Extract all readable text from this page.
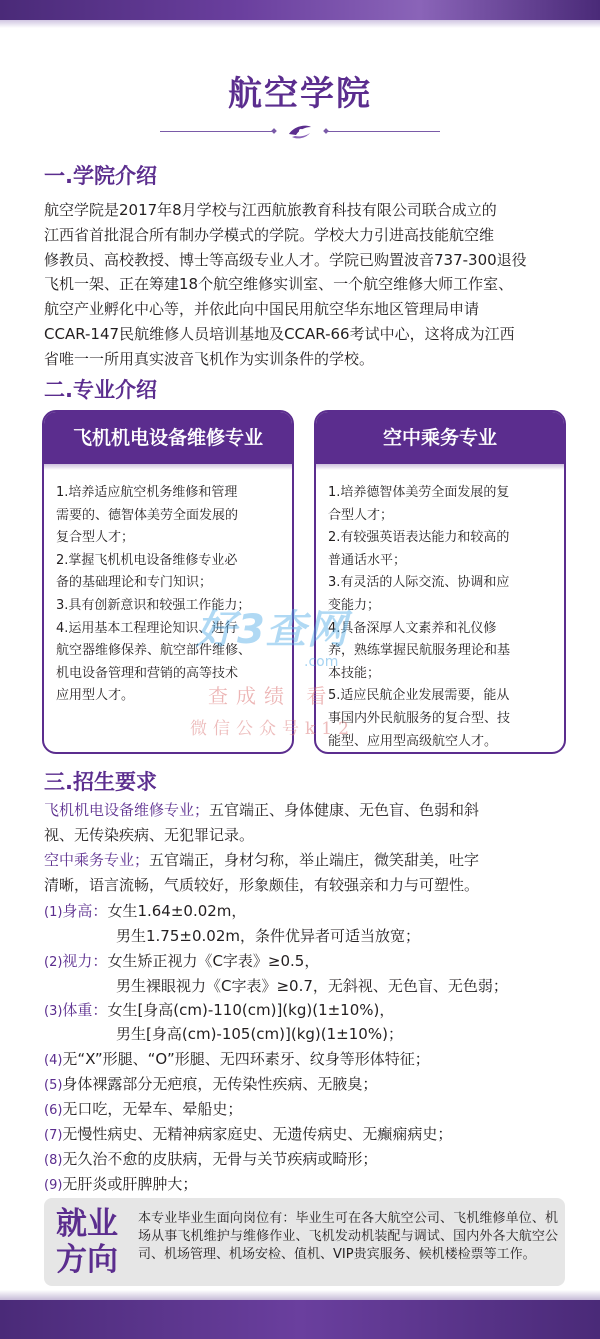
航空学院
一.学院介绍
航空学院是2017年8月学校与江西航旅教育科技有限公司联合成立的
江西省首批混合所有制办学模式的学院。学校大力引进高技能航空维
修教员、高校教授、博士等高级专业人才。学院已购置波音737-300退役
飞机一架、正在筹建18个航空维修实训室、一个航空维修大师工作室、
航空产业孵化中心等，并依此向中国民用航空华东地区管理局申请
CCAR-147民航维修人员培训基地及CCAR-66考试中心，这将成为江西
省唯一一所用真实波音飞机作为实训条件的学校。
二.专业介绍
飞机机电设备维修专业
1.培养适应航空机务维修和管理
需要的、德智体美劳全面发展的
复合型人才；
2.掌握飞机机电设备维修专业必
备的基础理论和专门知识；
3.具有创新意识和较强工作能力；
4.运用基本工程理论知识、进行
航空器维修保养、航空部件维修、
机电设备管理和营销的高等技术
应用型人才。
空中乘务专业
1.培养德智体美劳全面发展的复
合型人才；
2.有较强英语表达能力和较高的
普通话水平；
3.有灵活的人际交流、协调和应
变能力；
4.具备深厚人文素养和礼仪修
养，熟练掌握民航服务理论和基
本技能；
5.适应民航企业发展需要，能从
事国内外民航服务的复合型、技
能型、应用型高级航空人才。
好3查网
.com
查成绩 看
微信公众号k12
三.招生要求
飞机机电设备维修专业；五官端正、身体健康、无色盲、色弱和斜
视、无传染疾病、无犯罪记录。
空中乘务专业；五官端正，身材匀称，举止端庄，微笑甜美，吐字
清晰，语言流畅，气质较好，形象颇佳，有较强亲和力与可塑性。
(1)身高：女生1.64±0.02m，
男生1.75±0.02m，条件优异者可适当放宽；
(2)视力：女生矫正视力《C字表》≥0.5，
男生裸眼视力《C字表》≥0.7，无斜视、无色盲、无色弱；
(3)体重：女生[身高(cm)-110(cm)](kg)(1±10%)，
男生[身高(cm)-105(cm)](kg)(1±10%)；
(4)无“X”形腿、“O”形腿、无四环素牙、纹身等形体特征；
(5)身体裸露部分无疤痕，无传染性疾病、无腋臭；
(6)无口吃，无晕车、晕船史；
(7)无慢性病史、无精神病家庭史、无遗传病史、无癫痫病史；
(8)无久治不愈的皮肤病，无骨与关节疾病或畸形；
(9)无肝炎或肝脾肿大；
就业
方向
本专业毕业生面向岗位有：毕业生可在各大航空公司、飞机维修单位、机场从事飞机维护与维修作业、飞机发动机装配与调试、国内外各大航空公司、机场管理、机场安检、值机、VIP贵宾服务、候机楼检票等工作。
